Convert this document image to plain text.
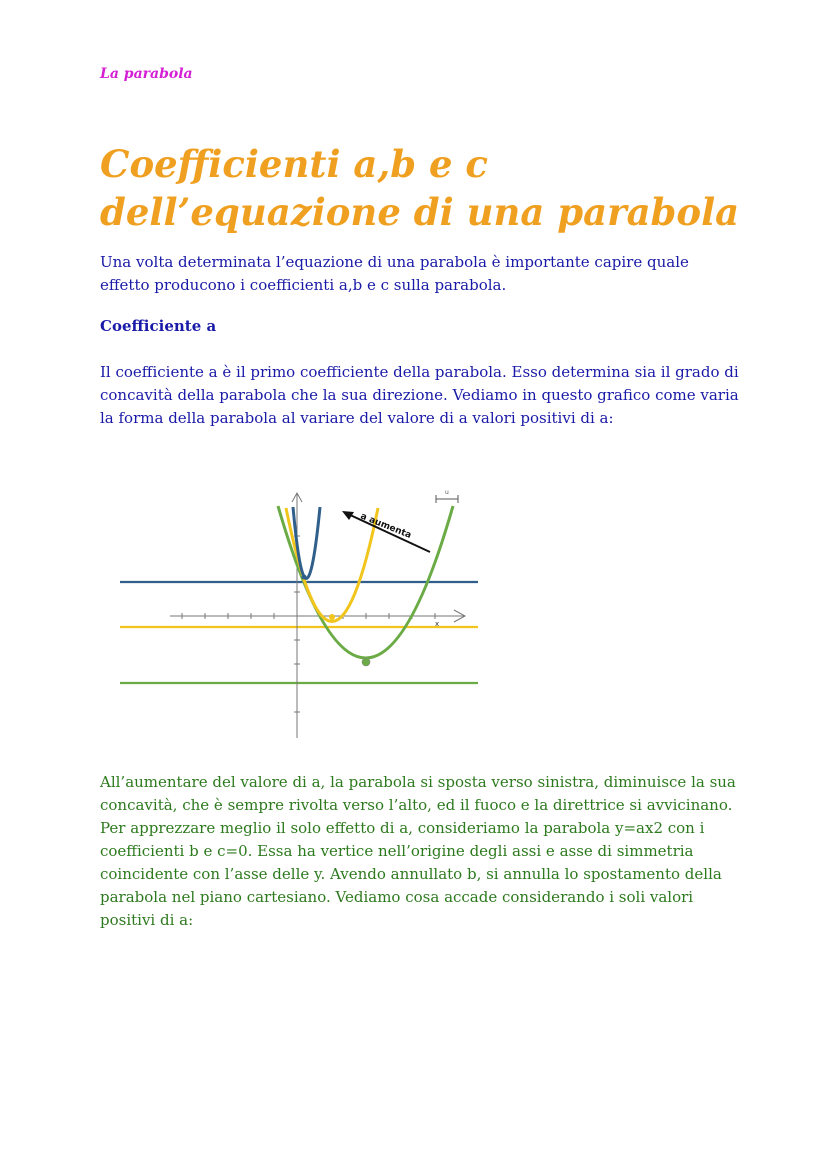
La parabola
Coefficienti a,b e c dell’equazione di una parabola

Una volta determinata l’equazione di una parabola è importante capire quale effetto producono i coefficienti a,b e c sulla parabola.

Coefficiente a

Il coefficiente a è il primo coefficiente della parabola. Esso determina sia il grado di concavità della parabola che la sua direzione. Vediamo in questo grafico come varia la forma della parabola al variare del valore di a valori positivi di a:

x
a aumenta
u

All’aumentare del valore di a, la parabola si sposta verso sinistra, diminuisce la sua concavità, che è sempre rivolta verso l’alto, ed il fuoco e la direttrice si avvicinano. Per apprezzare meglio il solo effetto di a, consideriamo la parabola y=ax2 con i coefficienti b e c=0. Essa ha vertice nell’origine degli assi e asse di simmetria coincidente con l’asse delle y. Avendo annullato b, si annulla lo spostamento della parabola nel piano cartesiano. Vediamo cosa accade considerando i soli valori positivi di a:
